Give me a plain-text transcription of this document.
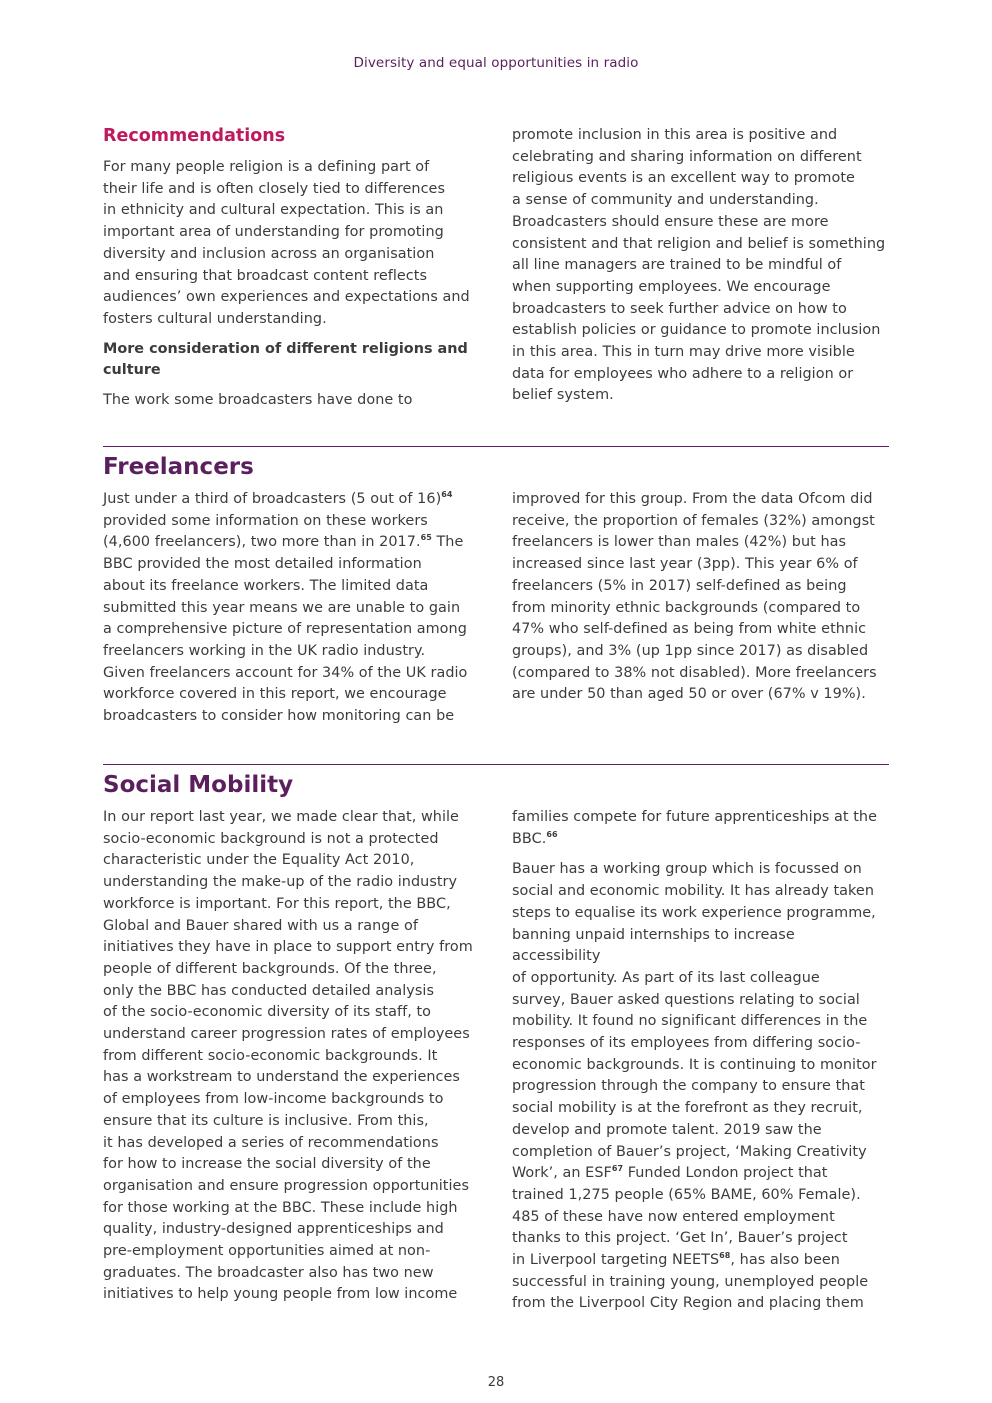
Diversity and equal opportunities in radio
Recommendations

For many people religion is a defining part of
their life and is often closely tied to differences
in ethnicity and cultural expectation. This is an
important area of understanding for promoting
diversity and inclusion across an organisation
and ensuring that broadcast content reflects
audiences’ own experiences and expectations and
fosters cultural understanding.

More consideration of different religions and
culture

The work some broadcasters have done to

promote inclusion in this area is positive and
celebrating and sharing information on different
religious events is an excellent way to promote
a sense of community and understanding.
Broadcasters should ensure these are more
consistent and that religion and belief is something
all line managers are trained to be mindful of
when supporting employees. We encourage
broadcasters to seek further advice on how to
establish policies or guidance to promote inclusion
in this area. This in turn may drive more visible
data for employees who adhere to a religion or
belief system.

Freelancers

Just under a third of broadcasters (5 out of 16)$^{64}$
provided some information on these workers
(4,600 freelancers), two more than in 2017.65 The
BBC provided the most detailed information
about its freelance workers. The limited data
submitted this year means we are unable to gain
a comprehensive picture of representation among
freelancers working in the UK radio industry.
Given freelancers account for 34% of the UK radio
workforce covered in this report, we encourage
broadcasters to consider how monitoring can be

improved for this group. From the data Ofcom did
receive, the proportion of females (32%) amongst
freelancers is lower than males (42%) but has
increased since last year (3pp). This year 6% of
freelancers (5% in 2017) self-defined as being
from minority ethnic backgrounds (compared to
47% who self-defined as being from white ethnic
groups), and 3% (up 1pp since 2017) as disabled
(compared to 38% not disabled). More freelancers
are under 50 than aged 50 or over (67% v 19%).

Social Mobility

In our report last year, we made clear that, while
socio-economic background is not a protected
characteristic under the Equality Act 2010,
understanding the make-up of the radio industry
workforce is important. For this report, the BBC,
Global and Bauer shared with us a range of
initiatives they have in place to support entry from
people of different backgrounds. Of the three,
only the BBC has conducted detailed analysis
of the socio-economic diversity of its staff, to
understand career progression rates of employees
from different socio-economic backgrounds. It
has a workstream to understand the experiences
of employees from low-income backgrounds to
ensure that its culture is inclusive. From this,
it has developed a series of recommendations
for how to increase the social diversity of the
organisation and ensure progression opportunities
for those working at the BBC. These include high
quality, industry-designed apprenticeships and
pre-employment opportunities aimed at non-
graduates. The broadcaster also has two new
initiatives to help young people from low income

families compete for future apprenticeships at the
BBC.$^{66}$

Bauer has a working group which is focussed on
social and economic mobility. It has already taken
steps to equalise its work experience programme,
banning unpaid internships to increase accessibility
of opportunity. As part of its last colleague
survey, Bauer asked questions relating to social
mobility. It found no significant differences in the
responses of its employees from differing socio-
economic backgrounds. It is continuing to monitor
progression through the company to ensure that
social mobility is at the forefront as they recruit,
develop and promote talent. 2019 saw the
completion of Bauer’s project, ‘Making Creativity
Work’, an ESF$^{67}$ Funded London project that
trained 1,275 people (65% BAME, 60% Female).
485 of these have now entered employment
thanks to this project. ‘Get In’, Bauer’s project
in Liverpool targeting NEETS$^{68}$, has also been
successful in training young, unemployed people
from the Liverpool City Region and placing them

28
